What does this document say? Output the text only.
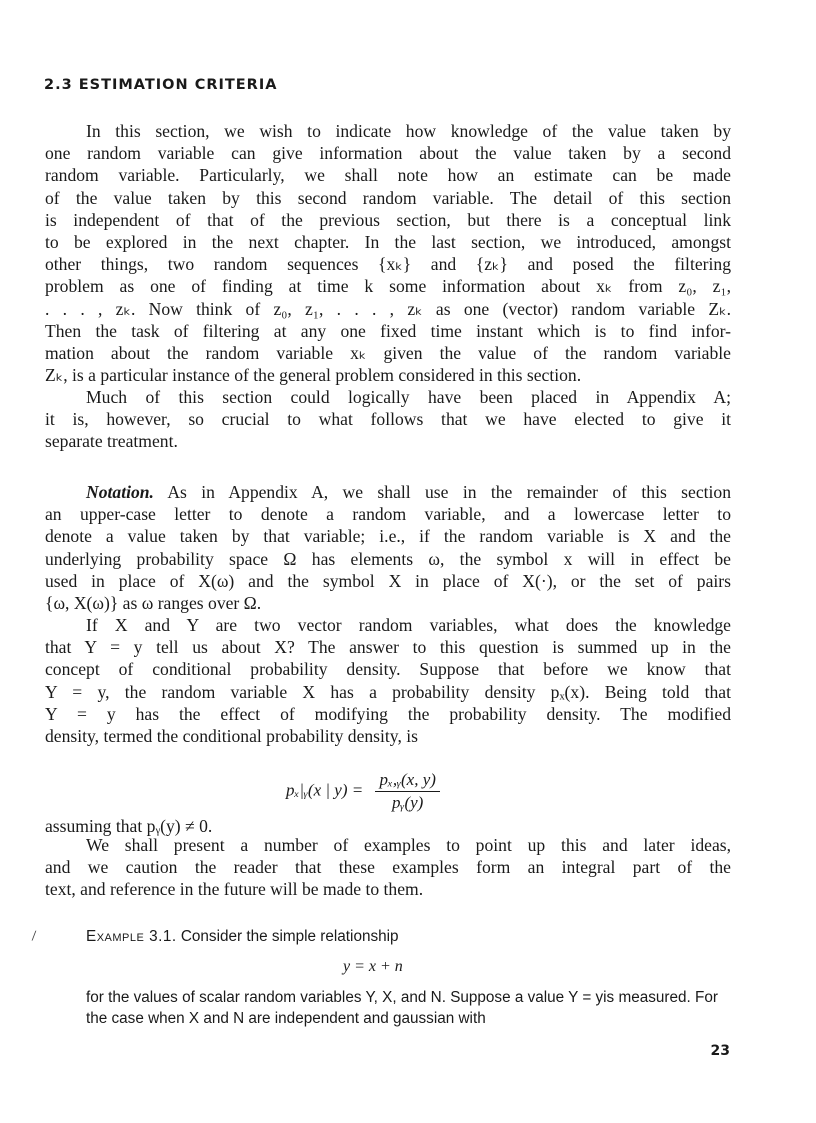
2.3 ESTIMATION CRITERIA
In this section, we wish to indicate how knowledge of the value taken by
one random variable can give information about the value taken by a second
random variable. Particularly, we shall note how an estimate can be made
of the value taken by this second random variable. The detail of this section
is independent of that of the previous section, but there is a conceptual link
to be explored in the next chapter. In the last section, we introduced, amongst
other things, two random sequences {xₖ} and {zₖ} and posed the filtering
problem as one of finding at time k some information about xₖ from z₀, z₁,
. . . , zₖ. Now think of z₀, z₁, . . . , zₖ as one (vector) random variable Zₖ.
Then the task of filtering at any one fixed time instant which is to find infor-
mation about the random variable xₖ given the value of the random variable
Zₖ, is a particular instance of the general problem considered in this section.
Much of this section could logically have been placed in Appendix A;
it is, however, so crucial to what follows that we have elected to give it
separate treatment.
Notation. As in Appendix A, we shall use in the remainder of this section
an upper-case letter to denote a random variable, and a lowercase letter to
denote a value taken by that variable; i.e., if the random variable is X and the
underlying probability space Ω has elements ω, the symbol x will in effect be
used in place of X(ω) and the symbol X in place of X(·), or the set of pairs
{ω, X(ω)} as ω ranges over Ω.
If X and Y are two vector random variables, what does the knowledge
that Y = y tell us about X? The answer to this question is summed up in the
concept of conditional probability density. Suppose that before we know that
Y = y, the random variable X has a probability density pₓ(x). Being told that
Y = y has the effect of modifying the probability density. The modified
density, termed the conditional probability density, is
pₓ|ᵧ(x | $y) = \frac{\text{pₓ,ᵧ(x, y)}}{\text{pᵧ(y)}}$
assuming that pᵧ(y) ≠ 0.
We shall present a number of examples to point up this and later ideas,
and we caution the reader that these examples form an integral part of the
text, and reference in the future will be made to them.
⁄	Example 3.1. Consider the simple relationship
y = x + n
for the values of scalar random variables Y, X, and N. Suppose a value Y = yis measured. For the case when X and N are independent and gaussian with
23
